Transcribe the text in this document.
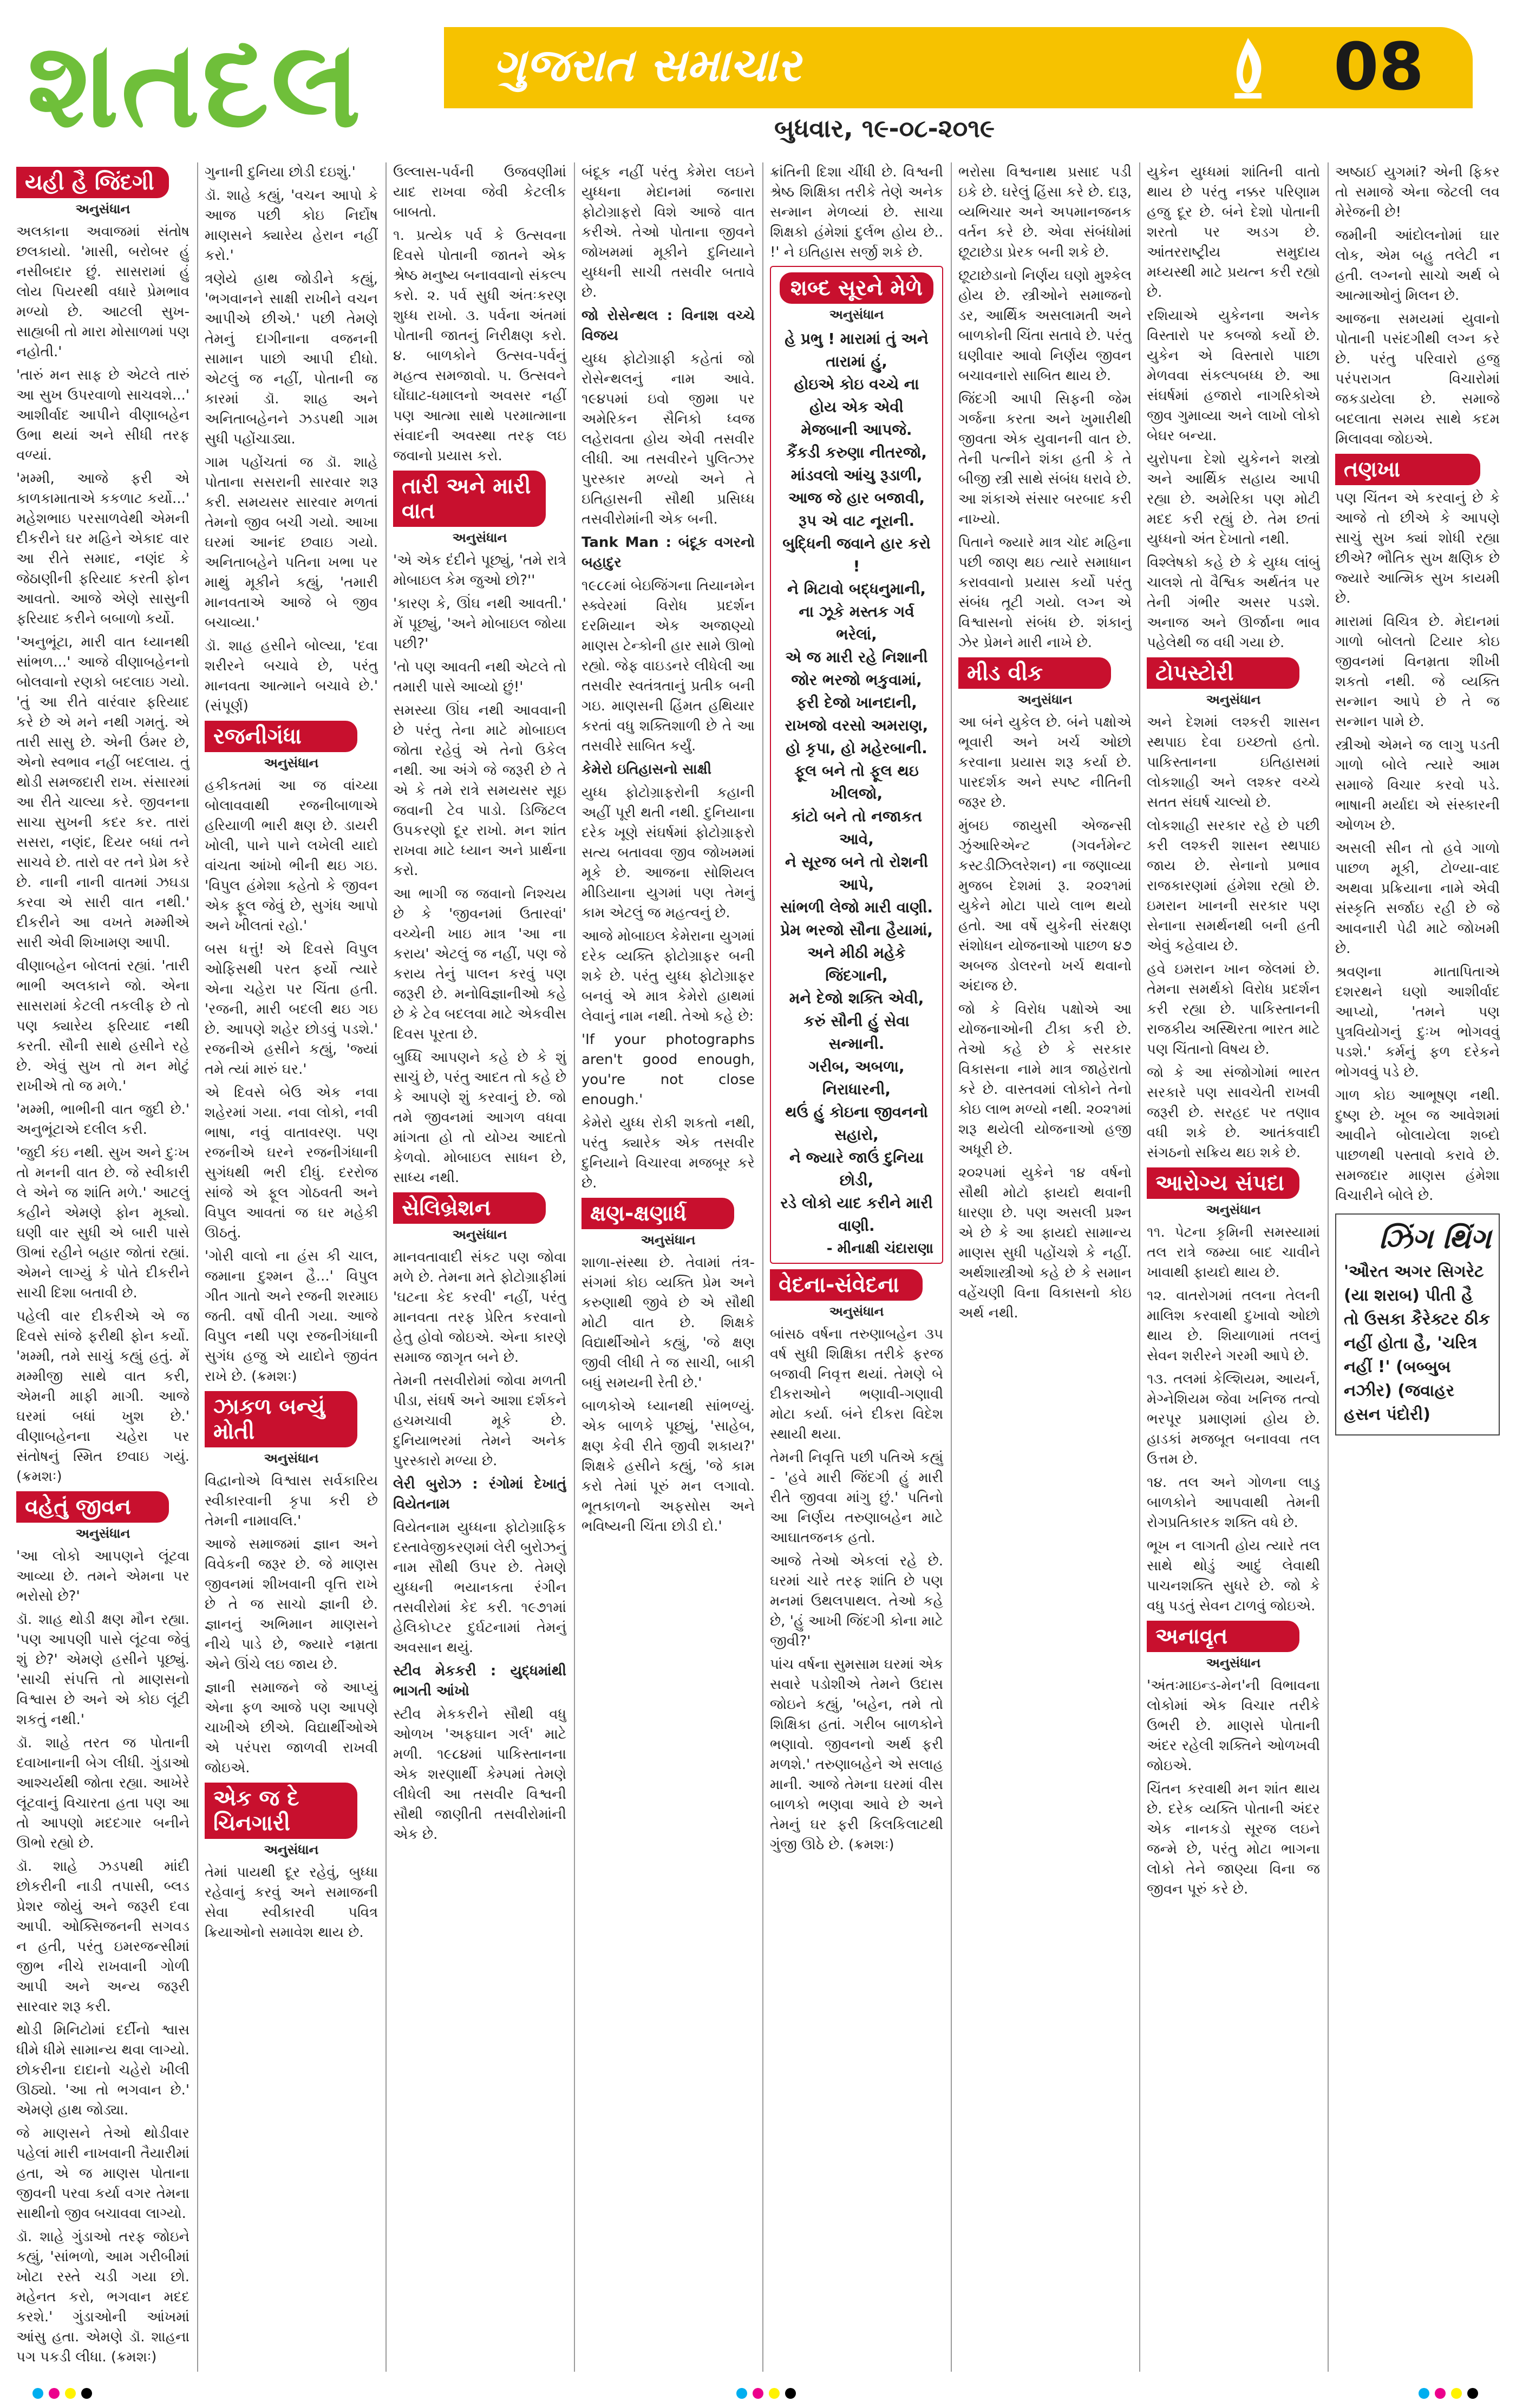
શતદલ	ગુજરાત સમાચાર	08
બુધવાર, ૧૯-૦૮-૨૦૧૯
યહી હૈ જિંદગી
અનુસંધાન

અલકાના અવાજમાં સંતોષ છલકાયો. 'માસી, બરોબર હું નસીબદાર છું. સાસરામાં હું લોય પિયરથી વધારે પ્રેમભાવ મળ્યો છે. આટલી સુખ-સાહ્યબી તો મારા મોસાળમાં પણ નહોતી.'

'તારું મન સાફ છે એટલે તારું આ સુખ ઉપરવાળો સાચવશે...' આશીર્વાદ આપીને વીણાબહેન ઉભા થયાં અને સીધી તરફ વળ્યાં.

'મમ્મી, આજે ફરી એ કાળકામાતાએ કકળાટ કર્યો...' મહેશભાઇ પરસાળવેથી એમની દીકરીને ઘર મહિને એકાદ વાર આ રીતે સમાદ, નણંદ કે જેઠાણીની ફરિયાદ કરતી ફોન આવતો. આજે એણે સાસુની ફરિયાદ કરીને બબાળો કર્યો.

'અનુભૂંટા, મારી વાત ધ્યાનથી સાંભળ...' આજે વીણાબહેનનો બોલવાનો રણકો બદલાઇ ગયો. 'તું આ રીતે વારંવાર ફરિયાદ કરે છે એ મને નથી ગમતું. એ તારી સાસુ છે. એની ઉંમર છે, એનો સ્વભાવ નહીં બદલાય. તું થોડી સમજદારી રાખ. સંસારમાં આ રીતે ચાલ્યા કરે. જીવનના સાચા સુખની કદર કર. તારાં સસરા, નણંદ, દિયર બધાં તને સાચવે છે. તારો વર તને પ્રેમ કરે છે. નાની નાની વાતમાં ઝઘડા કરવા એ સારી વાત નથી.' દીકરીને આ વખતે મમ્મીએ સારી એવી શિખામણ આપી.

વીણાબહેન બોલતાં રહ્યાં. 'તારી ભાભી અલકાને જો. એના સાસરામાં કેટલી તકલીફ છે તો પણ ક્યારેય ફરિયાદ નથી કરતી. સૌની સાથે હસીને રહે છે. એવું સુખ તો મન મોટું રાખીએ તો જ મળે.'

'મમ્મી, ભાભીની વાત જુદી છે.' અનુભૂંટાએ દલીલ કરી.

'જુદી કંઇ નથી. સુખ અને દુઃખ તો મનની વાત છે. જે સ્વીકારી લે એને જ શાંતિ મળે.' આટલું કહીને એમણે ફોન મૂક્યો. ઘણી વાર સુધી એ બારી પાસે ઊભાં રહીને બહાર જોતાં રહ્યાં. એમને લાગ્યું કે પોતે દીકરીને સાચી દિશા બતાવી છે.

પહેલી વાર દીકરીએ એ જ દિવસે સાંજે ફરીથી ફોન કર્યો. 'મમ્મી, તમે સાચું કહ્યું હતું. મેં મમ્મીજી સાથે વાત કરી, એમની માફી માગી. આજે ઘરમાં બધાં ખુશ છે.' વીણાબહેનના ચહેરા પર સંતોષનું સ્મિત છવાઇ ગયું. (ક્રમશઃ)

વહેતું જીવન
અનુસંધાન

'આ લોકો આપણને લૂંટવા આવ્યા છે. તમને એમના પર ભરોસો છે?'

ડૉ. શાહ થોડી ક્ષણ મૌન રહ્યા. 'પણ આપણી પાસે લૂંટવા જેવું શું છે?' એમણે હસીને પૂછ્યું. 'સાચી સંપત્તિ તો માણસનો વિશ્વાસ છે અને એ કોઇ લૂંટી શકતું નથી.'

ડૉ. શાહે તરત જ પોતાની દવાખાનાની બેગ લીધી. ગુંડાઓ આશ્ચર્યથી જોતા રહ્યા. આખેરે લૂંટવાનું વિચારતા હતા પણ આ તો આપણો મદદગાર બનીને ઊભો રહ્યો છે.

ડૉ. શાહે ઝડપથી માંદી છોકરીની નાડી તપાસી, બ્લડ પ્રેશર જોયું અને જરૂરી દવા આપી. ઓક્સિજનની સગવડ ન હતી, પરંતુ ઇમરજન્સીમાં જીભ નીચે રાખવાની ગોળી આપી અને અન્ય જરૂરી સારવાર શરૂ કરી.

થોડી મિનિટોમાં દર્દીનો શ્વાસ ધીમે ધીમે સામાન્ય થવા લાગ્યો. છોકરીના દાદાનો ચહેરો ખીલી ઊઠ્યો. 'આ તો ભગવાન છે.' એમણે હાથ જોડ્યા.

જે માણસને તેઓ થોડીવાર પહેલાં મારી નાખવાની તૈયારીમાં હતા, એ જ માણસ પોતાના જીવની પરવા કર્યા વગર તેમના સાથીનો જીવ બચાવવા લાગ્યો.

ડૉ. શાહે ગુંડાઓ તરફ જોઇને કહ્યું, 'સાંભળો, આમ ગરીબીમાં ખોટા રસ્તે ચડી ગયા છો. મહેનત કરો, ભગવાન મદદ કરશે.' ગુંડાઓની આંખમાં આંસુ હતા. એમણે ડૉ. શાહના પગ પકડી લીધા. (ક્રમશઃ)

ગુનાની દુનિયા છોડી દઇશું.'

ડૉ. શાહે કહ્યું, 'વચન આપો કે આજ પછી કોઇ નિર્દોષ માણસને ક્યારેય હેરાન નહીં કરો.'

ત્રણેયે હાથ જોડીને કહ્યું, 'ભગવાનને સાક્ષી રાખીને વચન આપીએ છીએ.' પછી તેમણે તેમનું દાગીનાના વજનની સામાન પાછો આપી દીધો. એટલું જ નહીં, પોતાની જ કારમાં ડૉ. શાહ અને અનિતાબહેનને ઝડપથી ગામ સુધી પહોંચાડ્યા.

ગામ પહોંચતાં જ ડૉ. શાહે પોતાના સસરાની સારવાર શરૂ કરી. સમયસર સારવાર મળતાં તેમનો જીવ બચી ગયો. આખા ઘરમાં આનંદ છવાઇ ગયો. અનિતાબહેને પતિના ખભા પર માથું મૂકીને કહ્યું, 'તમારી માનવતાએ આજે બે જીવ બચાવ્યા.'

ડૉ. શાહ હસીને બોલ્યા, 'દવા શરીરને બચાવે છે, પરંતુ માનવતા આત્માને બચાવે છે.' (સંપૂર્ણ)

રજનીગંધા
અનુસંધાન

હકીકતમાં આ જ વાંચ્યા બોલાવવાથી રજનીબાળાએ હરિયાળી ભારી ક્ષણ છે. ડાયરી ખોલી, પાને પાને લખેલી યાદો વાંચતા આંખો ભીની થઇ ગઇ. 'વિપુલ હંમેશા કહેતો કે જીવન એક ફૂલ જેવું છે, સુગંધ આપો અને ખીલતાં રહો.'

બસ ધત્તું! એ દિવસે વિપુલ ઓફિસથી પરત ફર્યો ત્યારે એના ચહેરા પર ચિંતા હતી. 'રજની, મારી બદલી થઇ ગઇ છે. આપણે શહેર છોડવું પડશે.' રજનીએ હસીને કહ્યું, 'જ્યાં તમે ત્યાં મારું ઘર.'

એ દિવસે બેઉ એક નવા શહેરમાં ગયા. નવા લોકો, નવી ભાષા, નવું વાતાવરણ. પણ રજનીએ ઘરને રજનીગંધાની સુગંધથી ભરી દીધું. દરરોજ સાંજે એ ફૂલ ગોઠવતી અને વિપુલ આવતાં જ ઘર મહેકી ઊઠતું.

'ગોરી વાલો ના હંસ કી ચાલ, જમાના દુશ્મન હૈ...' વિપુલ ગીત ગાતો અને રજની શરમાઇ જતી. વર્ષો વીતી ગયા. આજે વિપુલ નથી પણ રજનીગંધાની સુગંધ હજુ એ યાદોને જીવંત રાખે છે. (ક્રમશઃ)

ઝાકળ બન્યું મોતી
અનુસંધાન

વિદ્વાનોએ વિશ્વાસ સર્વકારિય સ્વીકારવાની કૃપા કરી છે તેમની નામાવલિ.'

આજે સમાજમાં જ્ઞાન અને વિવેકની જરૂર છે. જે માણસ જીવનમાં શીખવાની વૃત્તિ રાખે છે તે જ સાચો જ્ઞાની છે. જ્ઞાનનું અભિમાન માણસને નીચે પાડે છે, જ્યારે નમ્રતા એને ઊંચે લઇ જાય છે.

જ્ઞાની સમાજને જે આપ્યું એના ફળ આજે પણ આપણે ચાખીએ છીએ. વિદ્યાર્થીઓએ એ પરંપરા જાળવી રાખવી જોઇએ.

એક જ દે ચિનગારી
અનુસંધાન

તેમાં પાયથી દૂર રહેવું, બુધ્ધા રહેવાનું કરવું અને સમાજની સેવા સ્વીકારવી પવિત્ર ક્રિયાઓનો સમાવેશ થાય છે.

ઉલ્લાસ-પર્વની ઉજવણીમાં યાદ રાખવા જેવી કેટલીક બાબતો.

૧. પ્રત્યેક પર્વ કે ઉત્સવના દિવસે પોતાની જાતને એક શ્રેષ્ઠ મનુષ્ય બનાવવાનો સંકલ્પ કરો. ૨. પર્વ સુધી અંતઃકરણ શુધ્ધ રાખો. ૩. પર્વના અંતમાં પોતાની જાતનું નિરીક્ષણ કરો. ૪. બાળકોને ઉત્સવ-પર્વનું મહત્વ સમજાવો. ૫. ઉત્સવને ઘોંઘાટ-ધમાલનો અવસર નહીં પણ આત્મા સાથે પરમાત્માના સંવાદની અવસ્થા તરફ લઇ જવાનો પ્રયાસ કરો.

તારી અને મારી વાત
અનુસંધાન

'એ એક દંદીને પૂછ્યું, 'તમે રાત્રે મોબાઇલ કેમ જુઓ છો?''

'કારણ કે, ઊંઘ નથી આવતી.' મેં પૂછ્યું, 'અને મોબાઇલ જોયા પછી?'

'તો પણ આવતી નથી એટલે તો તમારી પાસે આવ્યો છું!'

સમસ્યા ઊંઘ નથી આવવાની છે પરંતુ તેના માટે મોબાઇલ જોતા રહેવું એ તેનો ઉકેલ નથી. આ અંગે જે જરૂરી છે તે એ કે તમે રાત્રે સમયસર સૂઇ જવાની ટેવ પાડો. ડિજિટલ ઉપકરણો દૂર રાખો. મન શાંત રાખવા માટે ધ્યાન અને પ્રાર્થના કરો.

આ ભાગી જ જવાનો નિશ્ચય છે કે 'જીવનમાં ઉતારવાં' વચ્ચેની ખાઇ માત્ર 'આ ના કરાય' એટલું જ નહીં, પણ જે કરાય તેનું પાલન કરવું પણ જરૂરી છે. મનોવિજ્ઞાનીઓ કહે છે કે ટેવ બદલવા માટે એકવીસ દિવસ પૂરતા છે.

બુધ્ધિ આપણને કહે છે કે શું સાચું છે, પરંતુ આદત તો કહે છે કે આપણે શું કરવાનું છે. જો તમે જીવનમાં આગળ વધવા માંગતા હો તો યોગ્ય આદતો કેળવો. મોબાઇલ સાધન છે, સાધ્ય નથી.

સેલિબ્રેશન
અનુસંધાન

માનવતાવાદી સંકટ પણ જોવા મળે છે. તેમના મતે ફોટોગ્રાફીમાં 'ઘટના કેદ કરવી' નહીં, પરંતુ માનવતા તરફ પ્રેરિત કરવાનો હેતુ હોવો જોઇએ. એના કારણે સમાજ જાગૃત બને છે.

તેમની તસવીરોમાં જોવા મળતી પીડા, સંઘર્ષ અને આશા દર્શકને હચમચાવી મૂકે છે. દુનિયાભરમાં તેમને અનેક પુરસ્કારો મળ્યા છે.

લેરી બુરોઝ : રંગોમાં દેખાતું વિયેતનામ

વિયેતનામ યુધ્ધના ફોટોગ્રાફિક દસ્તાવેજીકરણમાં લેરી બુરોઝનું નામ સૌથી ઉપર છે. તેમણે યુધ્ધની ભયાનકતા રંગીન તસવીરોમાં કેદ કરી. ૧૯૭૧માં હેલિકોપ્ટર દુર્ઘટનામાં તેમનું અવસાન થયું.

સ્ટીવ મેકકરી : યુદ્ધમાંથી ભાગતી આંખો

સ્ટીવ મેકકરીને સૌથી વધુ ઓળખ 'અફઘાન ગર્લ' માટે મળી. ૧૯૮૪માં પાકિસ્તાનના એક શરણાર્થી કેમ્પમાં તેમણે લીધેલી આ તસવીર વિશ્વની સૌથી જાણીતી તસવીરોમાંની એક છે.

બંદૂક નહીં પરંતુ કેમેરા લઇને યુધ્ધના મેદાનમાં જનારા ફોટોગ્રાફરો વિશે આજે વાત કરીએ. તેઓ પોતાના જીવને જોખમમાં મૂકીને દુનિયાને યુધ્ધની સાચી તસવીર બતાવે છે.

જો રોસેન્થલ : વિનાશ વચ્ચે વિજય

યુધ્ધ ફોટોગ્રાફી કહેતાં જો રોસેન્થલનું નામ આવે. ૧૯૪૫માં ઇવો જીમા પર અમેરિકન સૈનિકો ધ્વજ લહેરાવતા હોય એવી તસવીર લીધી. આ તસવીરને પુલિત્ઝર પુરસ્કાર મળ્યો અને તે ઇતિહાસની સૌથી પ્રસિધ્ધ તસવીરોમાંની એક બની.

Tank Man : બંદૂક વગરનો બહાદુર

૧૯૮૯માં બેઇજિંગના તિયાનમેન સ્ક્વેરમાં વિરોધ પ્રદર્શન દરમિયાન એક અજાણ્યો માણસ ટેન્કોની હાર સામે ઊભો રહ્યો. જેફ વાઇડનરે લીધેલી આ તસવીર સ્વતંત્રતાનું પ્રતીક બની ગઇ. માણસની હિંમત હથિયાર કરતાં વધુ શક્તિશાળી છે તે આ તસવીરે સાબિત કર્યું.

કેમેરો ઇતિહાસનો સાક્ષી

યુધ્ધ ફોટોગ્રાફરોની કહાની અહીં પૂરી થતી નથી. દુનિયાના દરેક ખૂણે સંઘર્ષમાં ફોટોગ્રાફરો સત્ય બતાવવા જીવ જોખમમાં મૂકે છે. આજના સોશિયલ મીડિયાના યુગમાં પણ તેમનું કામ એટલું જ મહત્વનું છે.

આજે મોબાઇલ કેમેરાના યુગમાં દરેક વ્યક્તિ ફોટોગ્રાફર બની શકે છે. પરંતુ યુધ્ધ ફોટોગ્રાફર બનવું એ માત્ર કેમેરો હાથમાં લેવાનું નામ નથી. તેઓ કહે છે:

'If your photographs aren't good enough, you're not close enough.'

કેમેરો યુધ્ધ રોકી શકતો નથી, પરંતુ ક્યારેક એક તસવીર દુનિયાને વિચારવા મજબૂર કરે છે.

ક્ષણ-ક્ષણાર્ધ
અનુસંધાન

શાળા-સંસ્થા છે. તેવામાં તંત્ર-સંગમાં કોઇ વ્યક્તિ પ્રેમ અને કરુણાથી જીવે છે એ સૌથી મોટી વાત છે. શિક્ષકે વિદ્યાર્થીઓને કહ્યું, 'જે ક્ષણ જીવી લીધી તે જ સાચી, બાકી બધું સમયની રેતી છે.'

બાળકોએ ધ્યાનથી સાંભળ્યું. એક બાળકે પૂછ્યું, 'સાહેબ, ક્ષણ કેવી રીતે જીવી શકાય?' શિક્ષકે હસીને કહ્યું, 'જે કામ કરો તેમાં પૂરું મન લગાવો. ભૂતકાળનો અફસોસ અને ભવિષ્યની ચિંતા છોડી દો.'

ક્રાંતિની દિશા ચીંધી છે. વિશ્વની શ્રેષ્ઠ શિક્ષિકા તરીકે તેણે અનેક સન્માન મેળવ્યાં છે. સાચા શિક્ષકો હંમેશાં દુર્લભ હોય છે.. !' ને ઇતિહાસ સર્જી શકે છે.

શબ્દ સૂરને મેળે
અનુસંધાન
હે પ્રભુ ! મારામાં તું અને તારામાં હું,
હોઇએ કોઇ વચ્ચે ના હોય એક એવી
મેજબાની આપજે.
કૈંકડી કરુણા નીતરજો,
માંડવલો આંચુ રૂડાળી,
આજ જે હાર બજાવી,
રૂપ એ વાટ નૂરાની.
બુદ્ધિની જવાને હાર કરો !
ને મિટાવો બદ્ધનુમાની,
ના ઝૂકે મસ્તક ગર્વ ભરેલાં,
એ જ મારી રહે નિશાની
જોર ભરજો ભકુવામાં,
ફરી દેજો ખાનદાની,
રાખજો વરસો અમરાણ,
હો કૃપા, હો મહેરબાની.
ફૂલ બને તો ફૂલ થઇ ખીલજો,
કાંટો બને તો નજાકત આવે,
ને સૂરજ બને તો રોશની આપે,
સાંભળી લેજો મારી વાણી.
પ્રેમ ભરજો સૌના હૈયામાં,
અને મીઠી મહેકે જિંદગાની,
મને દેજો શક્તિ એવી,
કરું સૌની હું સેવા સન્માની.
ગરીબ, અબળા, નિરાધારની,
થઉં હું કોઇના જીવનનો સહારો,
ને જ્યારે જાઉં દુનિયા છોડી,
રડે લોકો યાદ કરીને મારી વાણી.
- મીનાક્ષી ચંદારાણા
વેદના-સંવેદના
અનુસંધાન

બાંસઠ વર્ષના તરુણાબહેન ૩૫ વર્ષ સુધી શિક્ષિકા તરીકે ફરજ બજાવી નિવૃત્ત થયાં. તેમણે બે દીકરાઓને ભણાવી-ગણાવી મોટા કર્યા. બંને દીકરા વિદેશ સ્થાયી થયા.

તેમની નિવૃત્તિ પછી પતિએ કહ્યું - 'હવે મારી જિંદગી હું મારી રીતે જીવવા માંગુ છું.' પતિનો આ નિર્ણય તરુણાબહેન માટે આઘાતજનક હતો.

આજે તેઓ એકલાં રહે છે. ઘરમાં ચારે તરફ શાંતિ છે પણ મનમાં ઉથલપાથલ. તેઓ કહે છે, 'હું આખી જિંદગી કોના માટે જીવી?'

પાંચ વર્ષના સુમસામ ઘરમાં એક સવારે પડોશીએ તેમને ઉદાસ જોઇને કહ્યું, 'બહેન, તમે તો શિક્ષિકા હતાં. ગરીબ બાળકોને ભણાવો. જીવનનો અર્થ ફરી મળશે.' તરુણાબહેને એ સલાહ માની. આજે તેમના ઘરમાં વીસ બાળકો ભણવા આવે છે અને તેમનું ઘર ફરી કિલકિલાટથી ગુંજી ઊઠે છે. (ક્રમશઃ)

ભરોસા વિશ્વનાથ પ્રસાદ પડી ઇકે છે. ઘરેલું હિંસા કરે છે. દારૂ, વ્યભિચાર અને અપમાનજનક વર્તન કરે છે. એવા સંબંધોમાં છૂટાછેડા પ્રેરક બની શકે છે.

છૂટાછેડાનો નિર્ણય ઘણો મુશ્કેલ હોય છે. સ્ત્રીઓને સમાજનો ડર, આર્થિક અસલામતી અને બાળકોની ચિંતા સતાવે છે. પરંતુ ઘણીવાર આવો નિર્ણય જીવન બચાવનારો સાબિત થાય છે.

જિંદગી આપી સિફની જેમ ગર્જના કરતા અને ખુમારીથી જીવતા એક યુવાનની વાત છે. તેની પત્નીને શંકા હતી કે તે બીજી સ્ત્રી સાથે સંબંધ ધરાવે છે. આ શંકાએ સંસાર બરબાદ કરી નાખ્યો.

પિતાને જ્યારે માત્ર ચોદ મહિના પછી જાણ થઇ ત્યારે સમાધાન કરાવવાનો પ્રયાસ કર્યો પરંતુ સંબંધ તૂટી ગયો. લગ્ન એ વિશ્વાસનો સંબંધ છે. શંકાનું ઝેર પ્રેમને મારી નાખે છે.

મીડ વીક
અનુસંધાન

આ બંને યુકેલ છે. બંને પક્ષોએ ભૂવારી અને ખર્ચ ઓછો કરવાના પ્રયાસ શરૂ કર્યા છે. પારદર્શક અને સ્પષ્ટ નીતિની જરૂર છે.

મુંબઇ જાયુસી એજન્સી ઝુંઆરિએન્ટ (ગવર્નમેન્ટ કસ્ટડીઝિલરેશન) ના જણાવ્યા મુજબ દેશમાં રૂ. ૨૦૨૧માં યુકેને મોટા પાયે લાભ થયો હતો. આ વર્ષે યુકેની સંરક્ષણ સંશોધન યોજનાઓ પાછળ ૪૭ અબજ ડોલરનો ખર્ચ થવાનો અંદાજ છે.

જો કે વિરોધ પક્ષોએ આ યોજનાઓની ટીકા કરી છે. તેઓ કહે છે કે સરકાર વિકાસના નામે માત્ર જાહેરાતો કરે છે. વાસ્તવમાં લોકોને તેનો કોઇ લાભ મળ્યો નથી. ૨૦૨૧માં શરૂ થયેલી યોજનાઓ હજી અધૂરી છે.

૨૦૨૫માં યુકેને ૧૪ વર્ષનો સૌથી મોટો ફાયદો થવાની ધારણા છે. પણ અસલી પ્રશ્ન એ છે કે આ ફાયદો સામાન્ય માણસ સુધી પહોંચશે કે નહીં. અર્થશાસ્ત્રીઓ કહે છે કે સમાન વહેંચણી વિના વિકાસનો કોઇ અર્થ નથી.

યુકેન યુધ્ધમાં શાંતિની વાતો થાય છે પરંતુ નક્કર પરિણામ હજુ દૂર છે. બંને દેશો પોતાની શરતો પર અડગ છે. આંતરરાષ્ટ્રીય સમુદાય મધ્યસ્થી માટે પ્રયત્ન કરી રહ્યો છે.

રશિયાએ યુકેનના અનેક વિસ્તારો પર કબજો કર્યો છે. યુકેન એ વિસ્તારો પાછા મેળવવા સંકલ્પબધ્ધ છે. આ સંઘર્ષમાં હજારો નાગરિકોએ જીવ ગુમાવ્યા અને લાખો લોકો બેઘર બન્યા.

યુરોપના દેશો યુકેનને શસ્ત્રો અને આર્થિક સહાય આપી રહ્યા છે. અમેરિકા પણ મોટી મદદ કરી રહ્યું છે. તેમ છતાં યુધ્ધનો અંત દેખાતો નથી.

વિશ્લેષકો કહે છે કે યુધ્ધ લાંબું ચાલશે તો વૈશ્વિક અર્થતંત્ર પર તેની ગંભીર અસર પડશે. અનાજ અને ઊર્જાના ભાવ પહેલેથી જ વધી ગયા છે.

ટોપસ્ટોરી
અનુસંધાન

અને દેશમાં લશ્કરી શાસન સ્થપાઇ દેવા ઇચ્છતો હતો. પાકિસ્તાનના ઇતિહાસમાં લોકશાહી અને લશ્કર વચ્ચે સતત સંઘર્ષ ચાલ્યો છે.

લોકશાહી સરકાર રહે છે પછી કરી લશ્કરી શાસન સ્થપાઇ જાય છે. સેનાનો પ્રભાવ રાજકારણમાં હંમેશા રહ્યો છે. ઇમરાન ખાનની સરકાર પણ સેનાના સમર્થનથી બની હતી એવું કહેવાય છે.

હવે ઇમરાન ખાન જેલમાં છે. તેમના સમર્થકો વિરોધ પ્રદર્શન કરી રહ્યા છે. પાકિસ્તાનની રાજકીય અસ્થિરતા ભારત માટે પણ ચિંતાનો વિષય છે.

જો કે આ સંજોગોમાં ભારત સરકારે પણ સાવચેતી રાખવી જરૂરી છે. સરહદ પર તણાવ વધી શકે છે. આતંકવાદી સંગઠનો સક્રિય થઇ શકે છે.

આરોગ્ય સંપદા
અનુસંધાન

૧૧. પેટના કૃમિની સમસ્યામાં તલ રાત્રે જમ્યા બાદ ચાવીને ખાવાથી ફાયદો થાય છે.

૧૨. વાતરોગમાં તલના તેલની માલિશ કરવાથી દુખાવો ઓછો થાય છે. શિયાળામાં તલનું સેવન શરીરને ગરમી આપે છે.

૧૩. તલમાં કેલ્શિયમ, આયર્ન, મેગ્નેશિયમ જેવા ખનિજ તત્વો ભરપૂર પ્રમાણમાં હોય છે. હાડકાં મજબૂત બનાવવા તલ ઉત્તમ છે.

૧૪. તલ અને ગોળના લાડુ બાળકોને આપવાથી તેમની રોગપ્રતિકારક શક્તિ વધે છે.

ભૂખ ન લાગતી હોય ત્યારે તલ સાથે થોડું આદું લેવાથી પાચનશક્તિ સુધરે છે. જો કે વધુ પડતું સેવન ટાળવું જોઇએ.

અનાવૃત
અનુસંધાન

'અંતઃમાઇન્ડ-મેન'ની વિભાવના લોકોમાં એક વિચાર તરીકે ઉભરી છે. માણસે પોતાની અંદર રહેલી શક્તિને ઓળખવી જોઇએ.

ચિંતન કરવાથી મન શાંત થાય છે. દરેક વ્યક્તિ પોતાની અંદર એક નાનકડો સૂરજ લઇને જન્મે છે, પરંતુ મોટા ભાગના લોકો તેને જાણ્યા વિના જ જીવન પૂરું કરે છે.

અષ્ઠાઈ યુગમાં? એની ફિકર તો સમાજે એના જેટલી લવ મેરેજની છે!

જમીની આંદોલનોમાં ઘાર લોક, એમ બહુ તલેટી ન હતી. લગ્નનો સાચો અર્થ બે આત્માઓનું મિલન છે.

આજના સમયમાં યુવાનો પોતાની પસંદગીથી લગ્ન કરે છે. પરંતુ પરિવારો હજુ પરંપરાગત વિચારોમાં જકડાયેલા છે. સમાજે બદલાતા સમય સાથે કદમ મિલાવવા જોઇએ.

તણખા

પણ ચિંતન એ કરવાનું છે કે આજે તો છીએ કે આપણે સાચું સુખ ક્યાં શોધી રહ્યા છીએ? ભૌતિક સુખ ક્ષણિક છે જ્યારે આત્મિક સુખ કાયમી છે.

મારામાં વિચિત્ર છે. મેદાનમાં ગાળો બોલતો ટિયાર કોઇ જીવનમાં વિનમ્રતા શીખી શકતો નથી. જે વ્યક્તિ સન્માન આપે છે તે જ સન્માન પામે છે.

સ્ત્રીઓ એમને જ લાગુ પડતી ગાળો બોલે ત્યારે આમ સમાજે વિચાર કરવો પડે. ભાષાની મર્યાદા એ સંસ્કારની ઓળખ છે.

અસલી સીન તો હવે ગાળો પાછળ મૂકી, ટોળ્યા-વાદ અથવા પ્રક્રિયાના નામે એવી સંસ્કૃતિ સર્જાઇ રહી છે જે આવનારી પેઢી માટે જોખમી છે.

શ્રવણના માતાપિતાએ દશરથને ઘણો આશીર્વાદ આપ્યો, 'તમને પણ પુત્રવિયોગનું દુઃખ ભોગવવું પડશે.' કર્મનું ફળ દરેકને ભોગવવું પડે છે.

ગાળ કોઇ આભૂષણ નથી. દુષ્ણ છે. ખૂબ જ આવેશમાં આવીને બોલાયેલા શબ્દો પાછળથી પસ્તાવો કરાવે છે. સમજદાર માણસ હંમેશા વિચારીને બોલે છે.

ઝિંગ થિંગ
'ઔરત અગર સિગરેટ (યા શરાબ) પીતી હૈ તો ઉસકા કૈરેક્ટર ઠીક નહીં હોતા હૈ, 'ચરિત્ર નહીં !' (બબ્બુબ નઝીર) (જવાહર હસન પંદોરી)
